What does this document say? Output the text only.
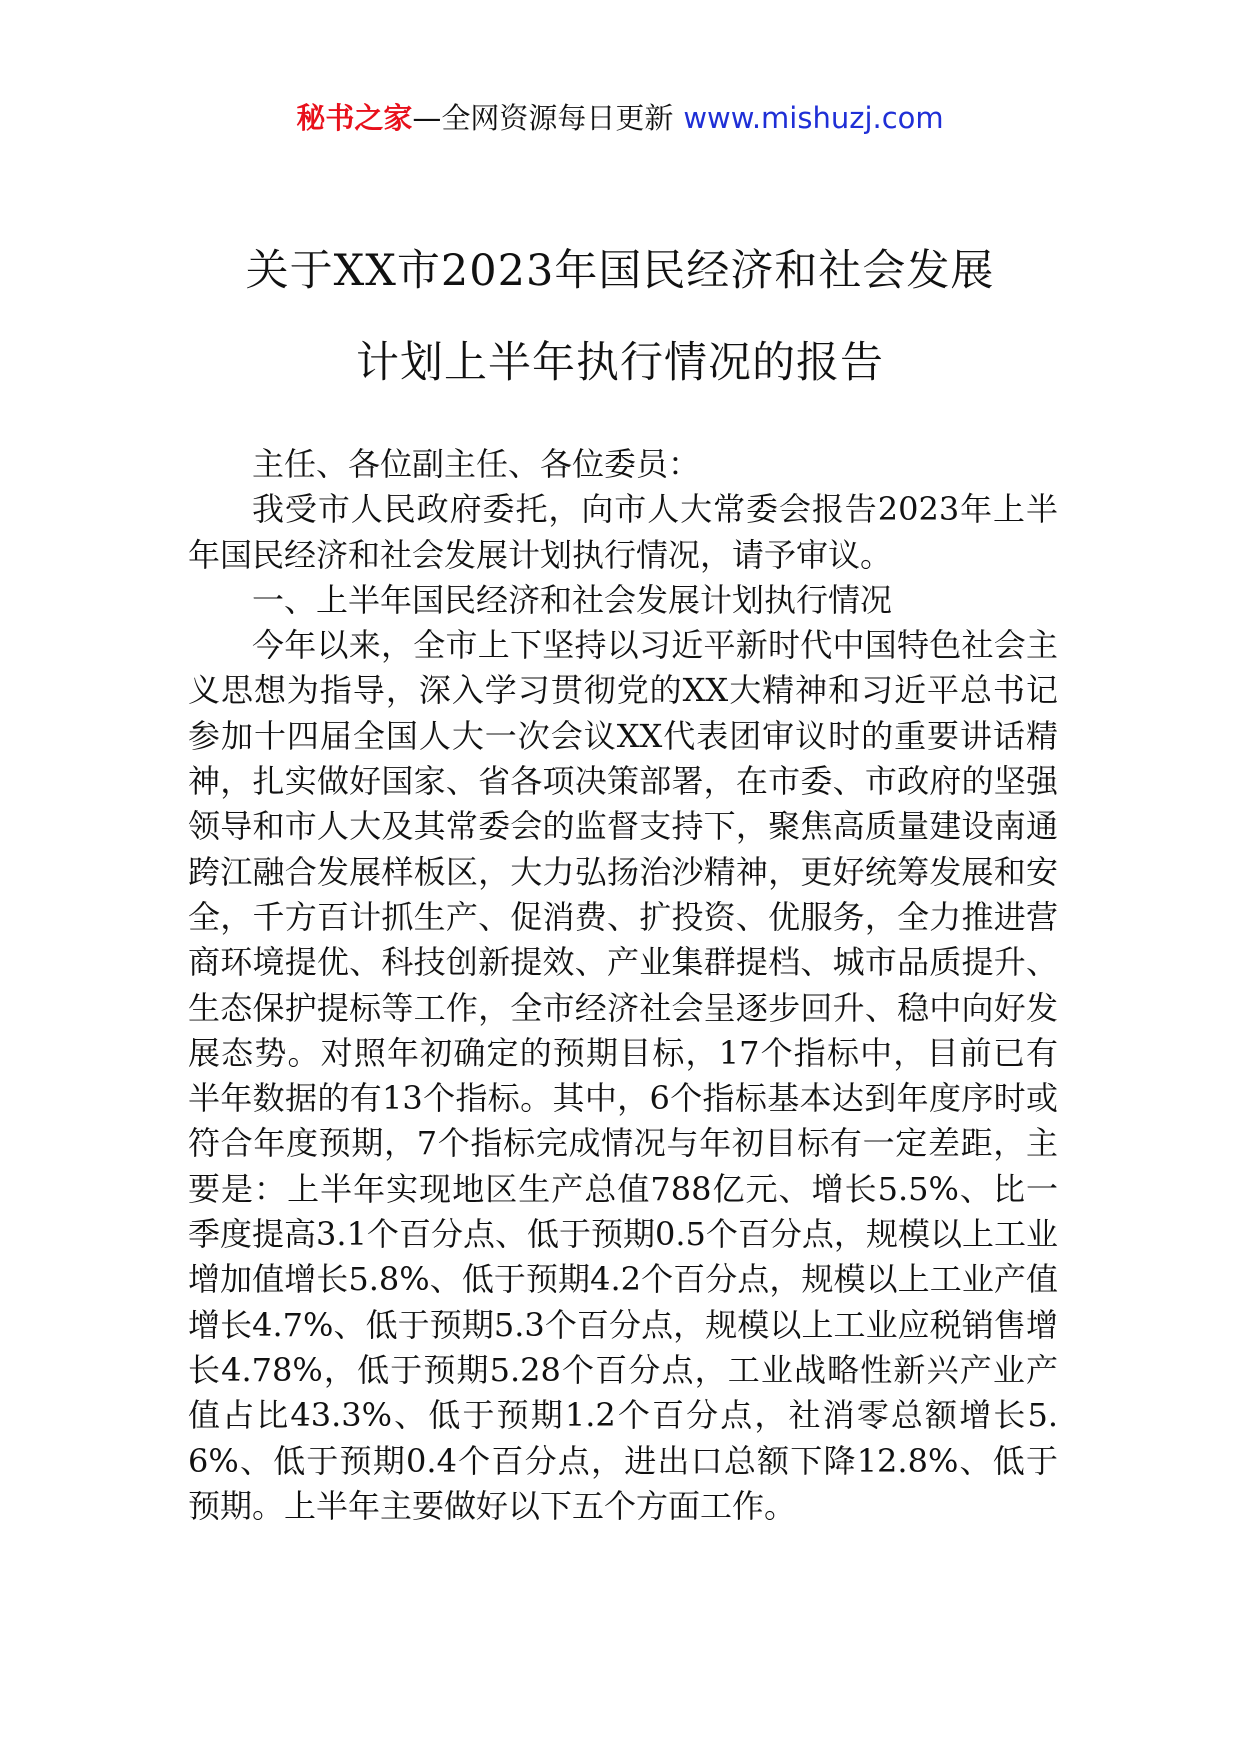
秘书之家—全网资源每日更新 www.mishuzj.com
关于XX市2023年国民经济和社会发展
计划上半年执行情况的报告

主任、各位副主任、各位委员：

我受市人民政府委托，向市人大常委会报告2023年上半年国民经济和社会发展计划执行情况，请予审议。

一、上半年国民经济和社会发展计划执行情况

今年以来，全市上下坚持以习近平新时代中国特色社会主义思想为指导，深入学习贯彻党的XX大精神和习近平总书记参加十四届全国人大一次会议XX代表团审议时的重要讲话精神，扎实做好国家、省各项决策部署，在市委、市政府的坚强领导和市人大及其常委会的监督支持下，聚焦高质量建设南通跨江融合发展样板区，大力弘扬治沙精神，更好统筹发展和安全，千方百计抓生产、促消费、扩投资、优服务，全力推进营商环境提优、科技创新提效、产业集群提档、城市品质提升、生态保护提标等工作，全市经济社会呈逐步回升、稳中向好发展态势。对照年初确定的预期目标，17个指标中，目前已有半年数据的有13个指标。其中，6个指标基本达到年度序时或符合年度预期，7个指标完成情况与年初目标有一定差距，主要是：上半年实现地区生产总值788亿元、增长5.5%、比一季度提高3.1个百分点、低于预期0.5个百分点，规模以上工业增加值增长5.8%、低于预期4.2个百分点，规模以上工业产值增长4.7%、低于预期5.3个百分点，规模以上工业应税销售增长4.78%，低于预期5.28个百分点，工业战略性新兴产业产值占比43.3%、低于预期1.2个百分点，社消零总额增长5.6%、低于预期0.4个百分点，进出口总额下降12.8%、低于预期。上半年主要做好以下五个方面工作。
